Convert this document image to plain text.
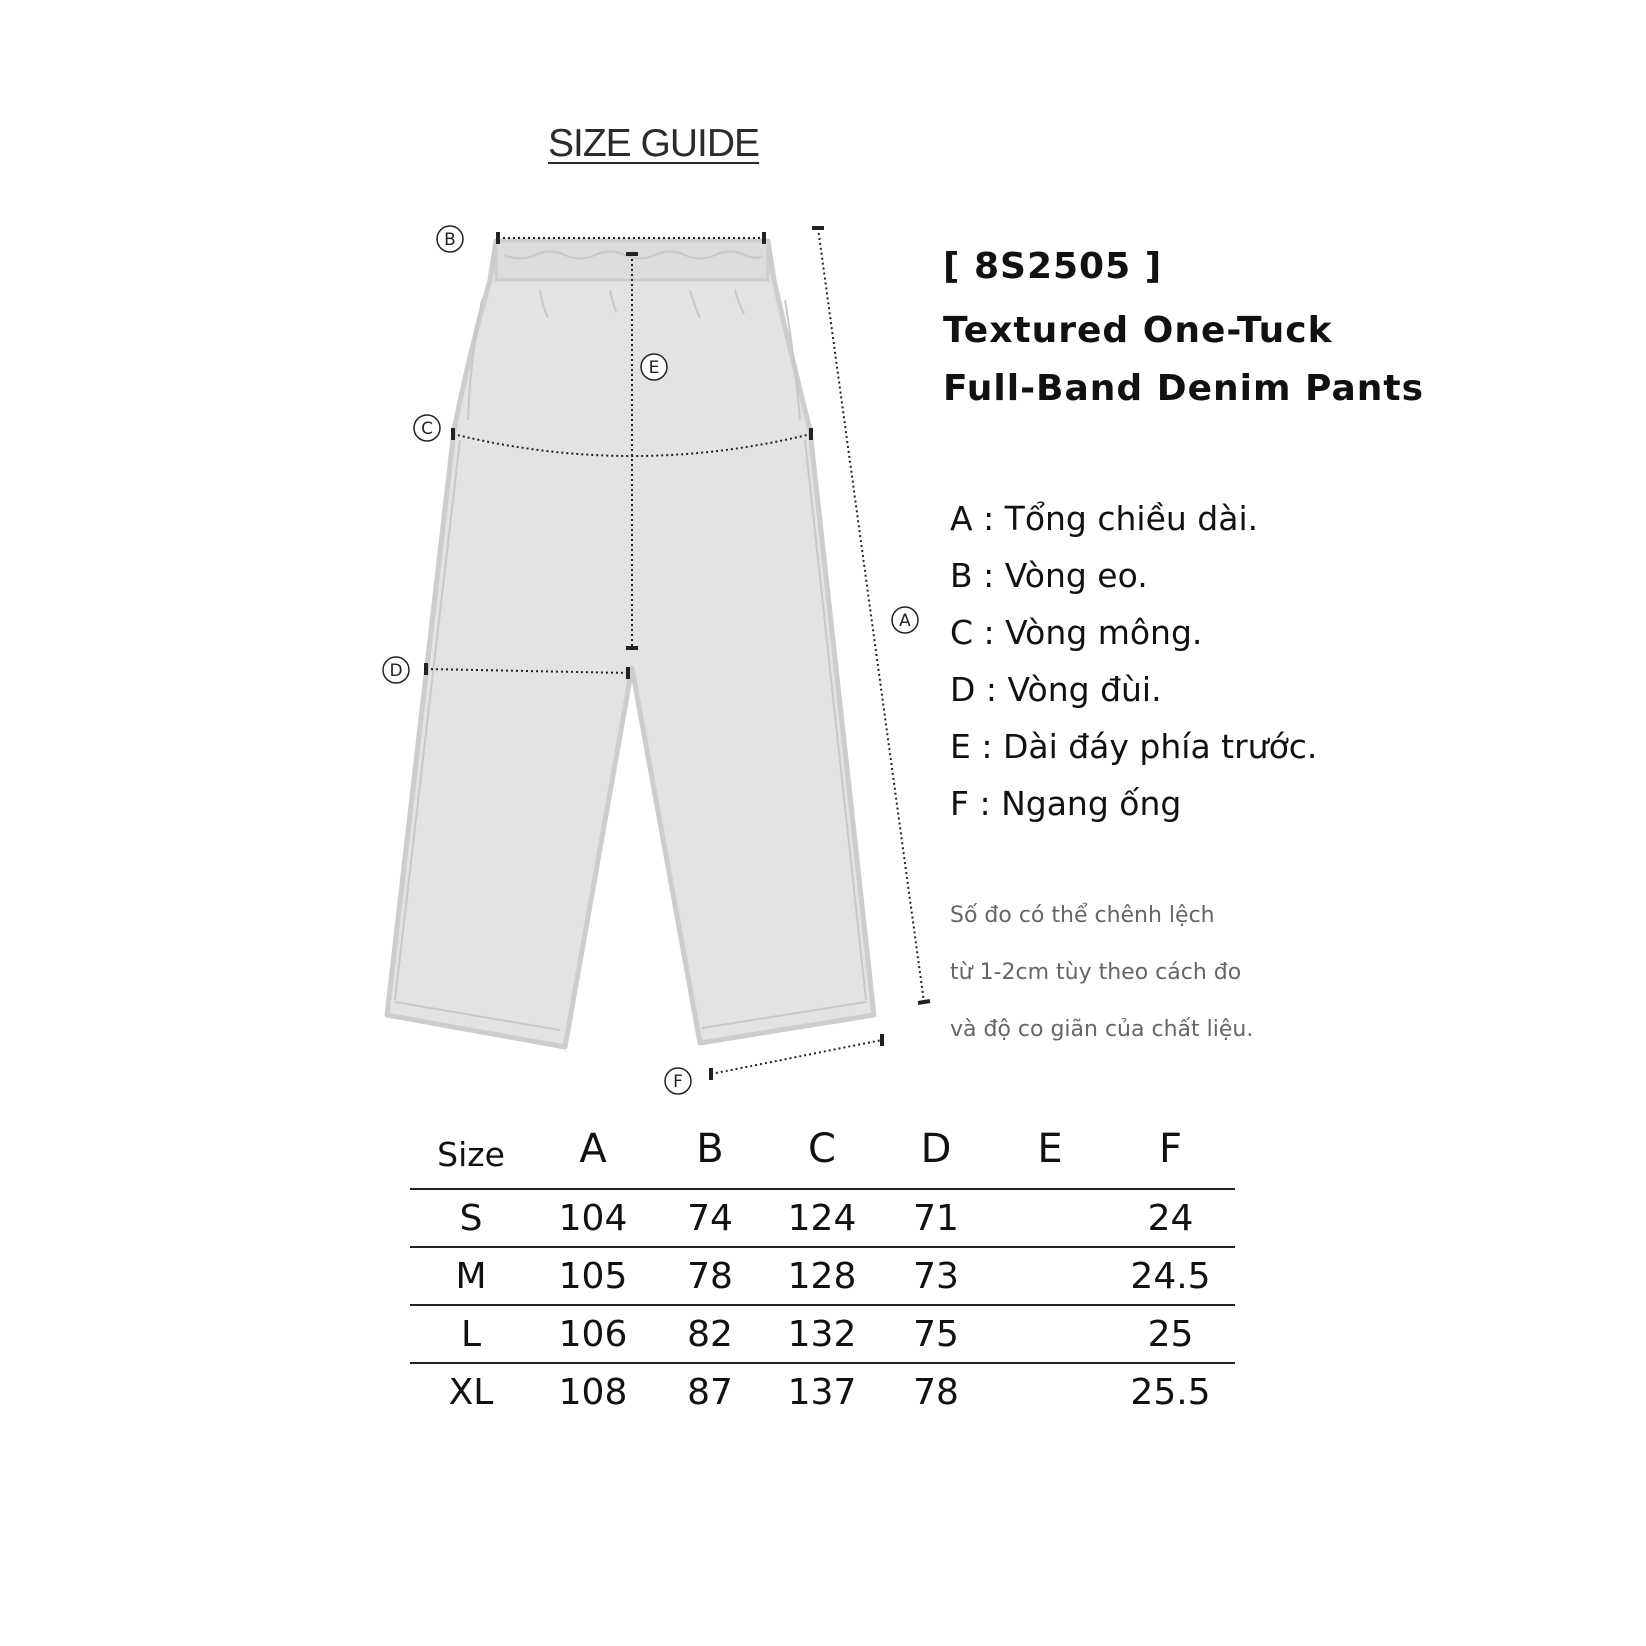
SIZE GUIDE
B
E
C
D
A
F
[ 8S2505 ]
Textured One-Tuck
Full-Band Denim Pants
A : Tổng chiều dài.
B : Vòng eo.
C : Vòng mông.
D : Vòng đùi.
E : Dài đáy phía trước.
F : Ngang ống
Số đo có thể chênh lệch
từ 1-2cm tùy theo cách đo
và độ co giãn của chất liệu.
Size	A	B	C	D	E	F
S	104	74	124	71		24
M	105	78	128	73		24.5
L	106	82	132	75		25
XL	108	87	137	78		25.5
